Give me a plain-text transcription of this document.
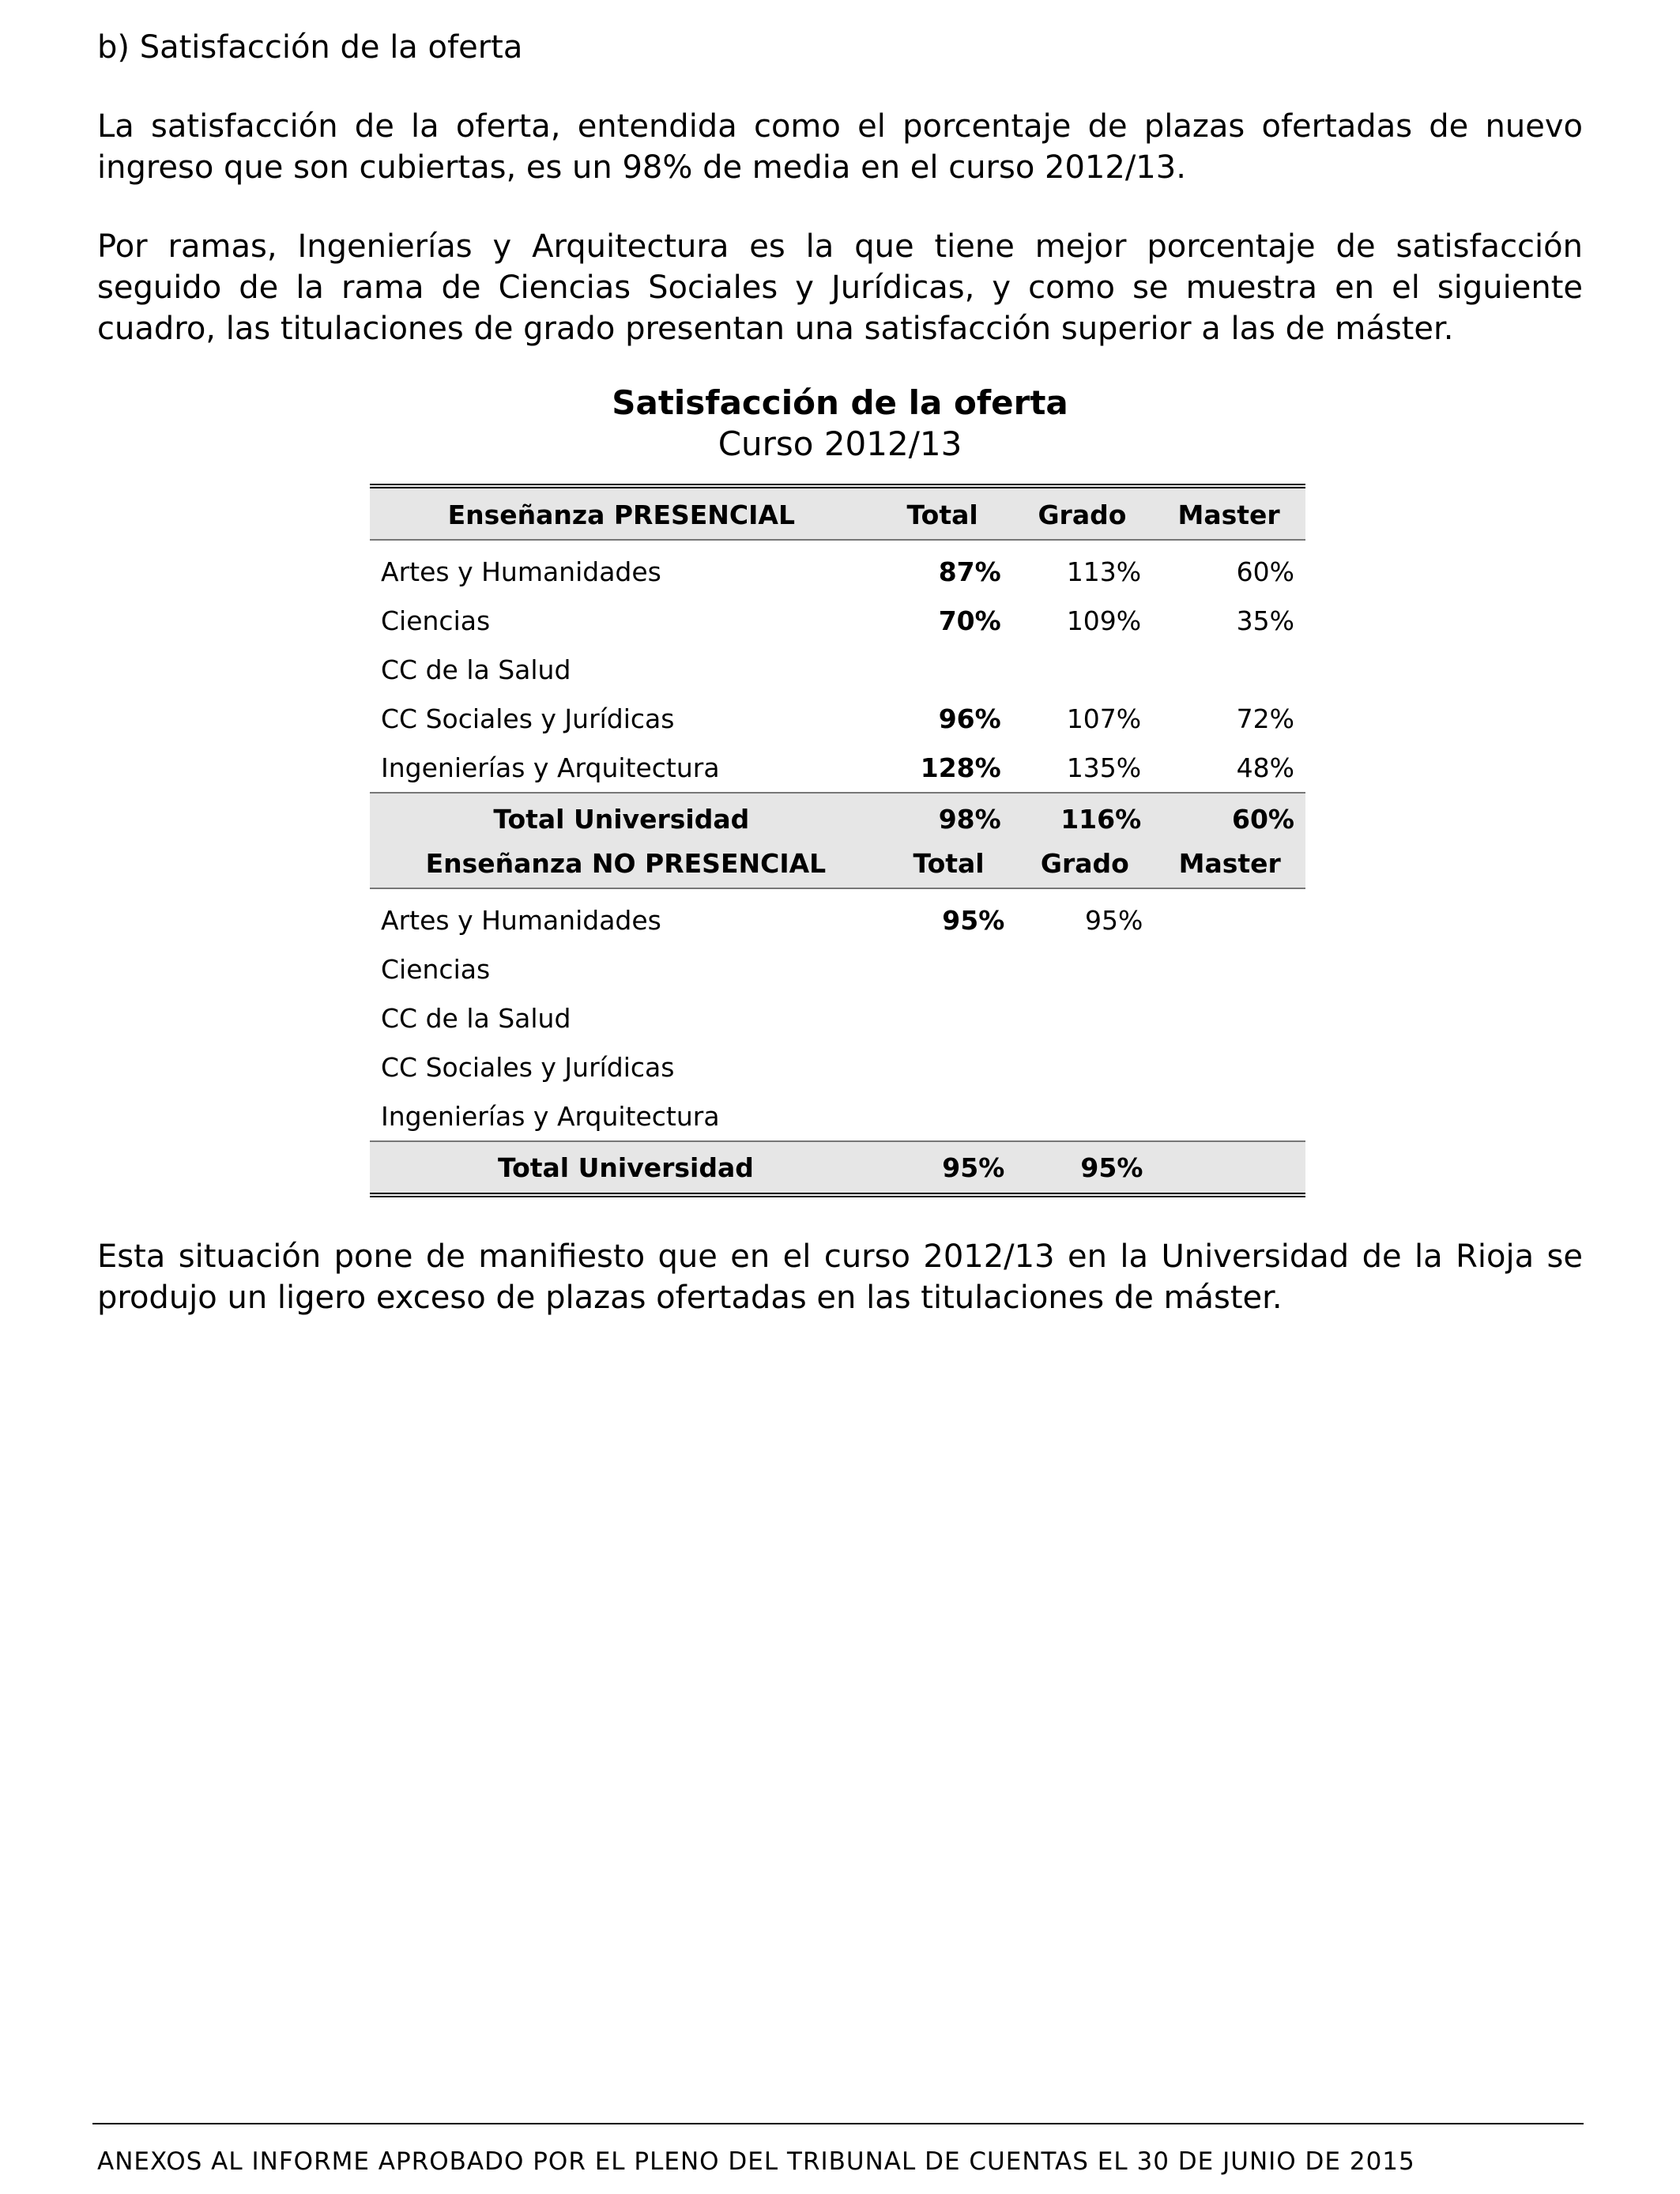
b) Satisfacción de la oferta

La satisfacción de la oferta, entendida como el porcentaje de plazas ofertadas de nuevo ingreso que son cubiertas, es un 98% de media en el curso 2012/13.

Por ramas, Ingenierías y Arquitectura es la que tiene mejor porcentaje de satisfacción seguido de la rama de Ciencias Sociales y Jurídicas, y como se muestra en el siguiente cuadro, las titulaciones de grado presentan una satisfacción superior a las de máster.

Satisfacción de la oferta
Curso 2012/13
Enseñanza PRESENCIAL	Total	Grado	Master
Artes y Humanidades	87%	113%	60%
Ciencias	70%	109%	35%
CC de la Salud			
CC Sociales y Jurídicas	96%	107%	72%
Ingenierías y Arquitectura	128%	135%	48%
Total Universidad	98%	116%	60%
Enseñanza NO PRESENCIAL	Total	Grado	Master
Artes y Humanidades	95%	95%	
Ciencias			
CC de la Salud			
CC Sociales y Jurídicas			
Ingenierías y Arquitectura			
Total Universidad	95%	95%	

Esta situación pone de manifiesto que en el curso 2012/13 en la Universidad de la Rioja se produjo un ligero exceso de plazas ofertadas en las titulaciones de máster.

ANEXOS AL INFORME APROBADO POR EL PLENO DEL TRIBUNAL DE CUENTAS EL 30 DE JUNIO DE 2015
